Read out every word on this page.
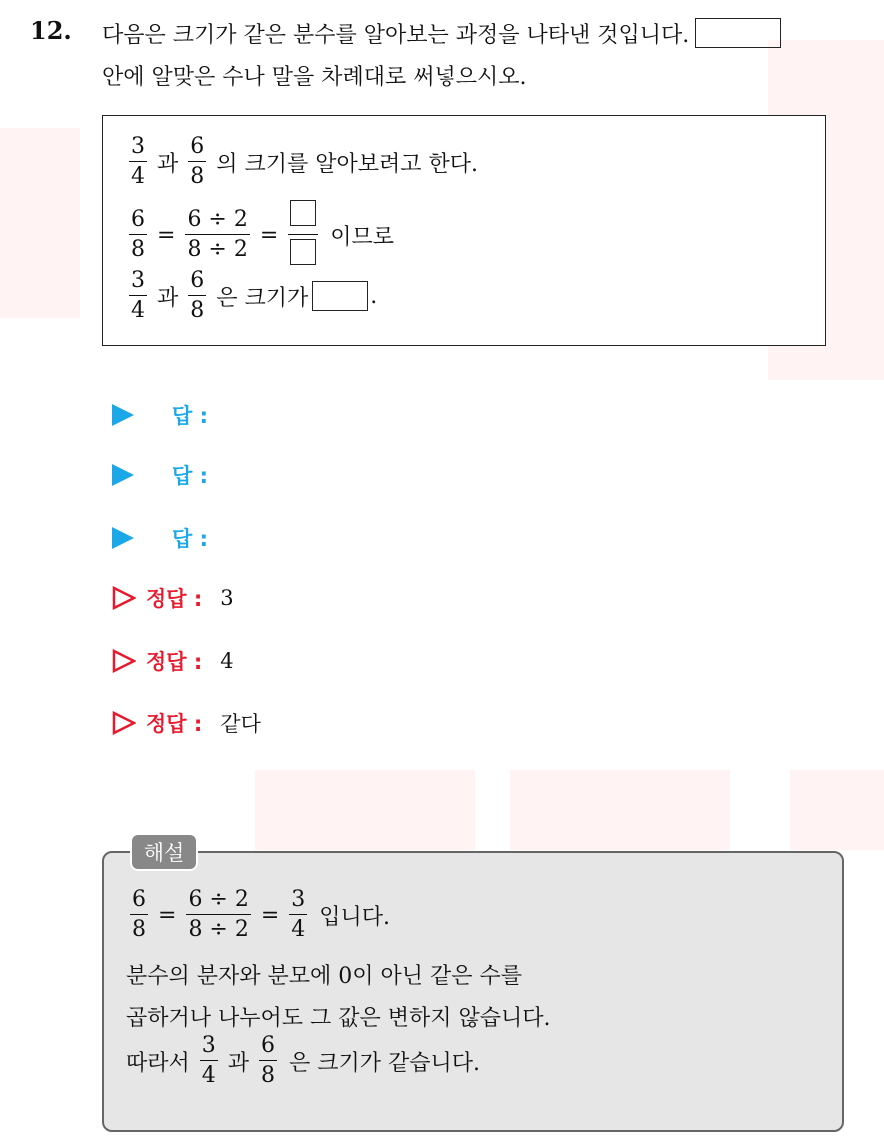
12. 다음은 크기가 같은 분수를 알아보는 과정을 나타낸 것입니다.
안에 알맞은 수나 말을 차례대로 써넣으시오.
$\frac{3}{4}$ 과 $\frac{6}{8}$ 의 크기를 알아보려고 한다.
$\frac{6}{8} = \frac{6 \div 2}{8 \div 2}$ = 이므로
$\frac{3}{4}$ 과 $\frac{6}{8}$ 은 크기가	.
답 :
답 :
답 :
정답 : 3
정답 : 4
정답 : 같다
해설
$\frac{6}{8} = \frac{6 \div 2}{8 \div 2} = \frac{3}{4}$ 입니다.
분수의 분자와 분모에 0이 아닌 같은 수를
곱하거나 나누어도 그 값은 변하지 않습니다.
따라서 $\frac{3}{4}$ 과 $\frac{6}{8}$ 은 크기가 같습니다.
